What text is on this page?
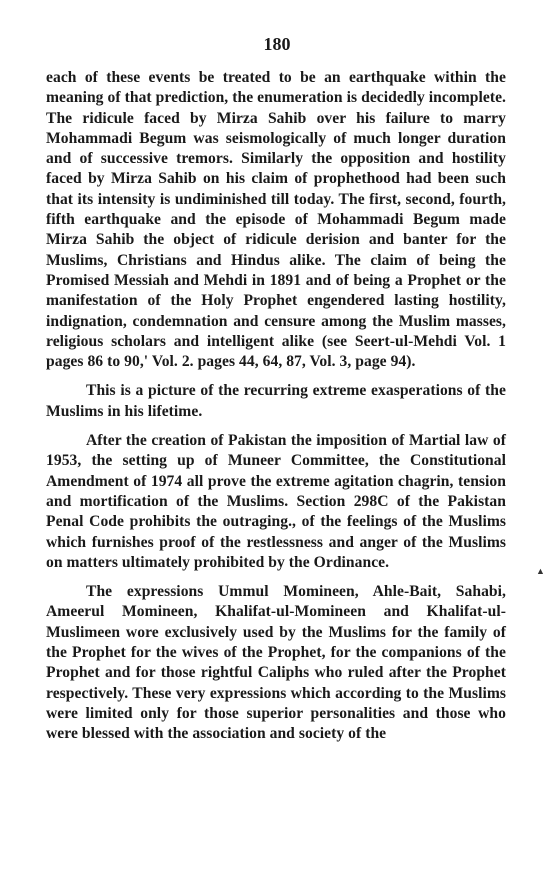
180

each of these events be treated to be an earthquake within the meaning of that prediction, the enumeration is decidedly incomplete. The ridicule faced by Mirza Sahib over his failure to marry Mohammadi Begum was seismologically of much longer duration and of successive tremors. Similarly the opposition and hostility faced by Mirza Sahib on his claim of prophethood had been such that its intensity is undiminished till today. The first, second, fourth, fifth earthquake and the episode of Mohammadi Begum made Mirza Sahib the object of ridicule derision and banter for the Muslims, Christians and Hindus alike. The claim of being the Promised Messiah and Mehdi in 1891 and of being a Prophet or the manifestation of the Holy Prophet engendered lasting hostility, indignation, condemnation and censure among the Muslim masses, religious scholars and intelligent alike (see Seert-ul-Mehdi Vol. 1 pages 86 to 90,' Vol. 2. pages 44, 64, 87, Vol. 3, page 94).

This is a picture of the recurring extreme exasperations of the Muslims in his lifetime.

After the creation of Pakistan the imposition of Martial law of 1953, the setting up of Muneer Committee, the Constitutional Amendment of 1974 all prove the extreme agitation chagrin, tension and mortification of the Muslims. Section 298C of the Pakistan Penal Code prohibits the outraging., of the feelings of the Muslims which furnishes proof of the restlessness and anger of the Muslims on matters ultimately prohibited by the Ordinance.

The expressions Ummul Momineen, Ahle-Bait, Sahabi, Ameerul Momineen, Khalifat-ul-Momineen and Khalifat-ul-Muslimeen wore exclusively used by the Muslims for the family of the Prophet for the wives of the Prophet, for the companions of the Prophet and for those rightful Caliphs who ruled after the Prophet respectively. These very expressions which according to the Muslims were limited only for those superior personalities and those who were blessed with the association and society of the

▲
